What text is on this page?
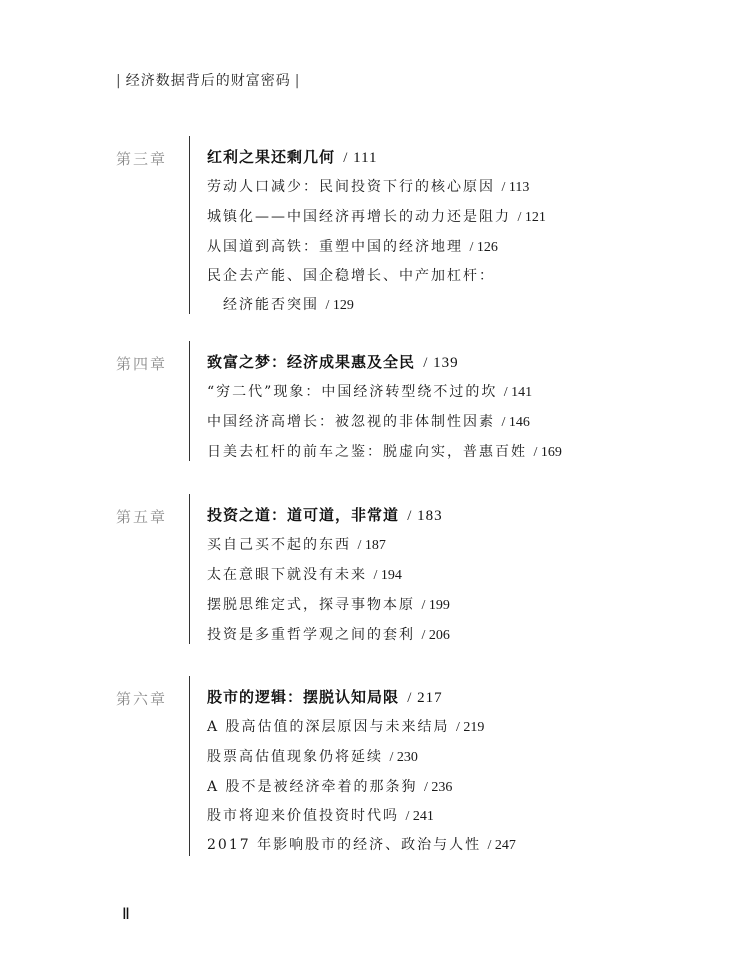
| 经济数据背后的财富密码 |
第三章	红利之果还剩几何 / 111
劳动人口减少：民间投资下行的核心原因 / 113
城镇化——中国经济再增长的动力还是阻力 / 121
从国道到高铁：重塑中国的经济地理 / 126
民企去产能、国企稳增长、中产加杠杆：
经济能否突围 / 129
第四章	致富之梦：经济成果惠及全民 / 139
“穷二代”现象：中国经济转型绕不过的坎 / 141
中国经济高增长：被忽视的非体制性因素 / 146
日美去杠杆的前车之鉴：脱虚向实，普惠百姓 / 169
第五章	投资之道：道可道，非常道 / 183
买自己买不起的东西 / 187
太在意眼下就没有未来 / 194
摆脱思维定式，探寻事物本原 / 199
投资是多重哲学观之间的套利 / 206
第六章	股市的逻辑：摆脱认知局限 / 217
A 股高估值的深层原因与未来结局 / 219
股票高估值现象仍将延续 / 230
A 股不是被经济牵着的那条狗 / 236
股市将迎来价值投资时代吗 / 241
2017 年影响股市的经济、政治与人性 / 247
Ⅱ
